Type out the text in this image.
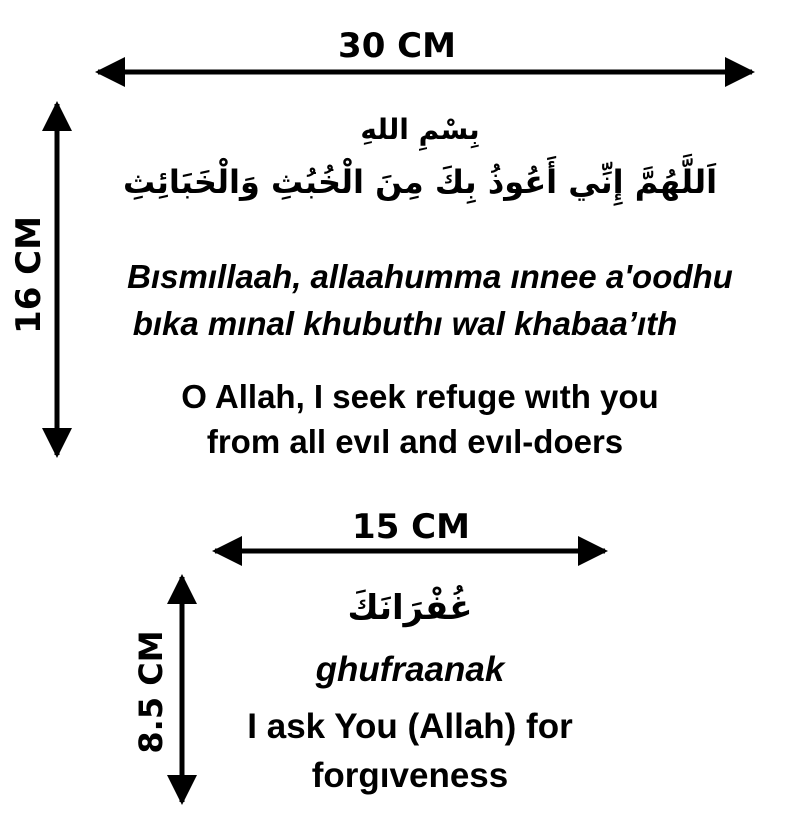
30 CM
16 CM
بِسْمِ اللهِ
اَللَّهُمَّ إِنِّي أَعُوذُ بِكَ مِنَ الْخُبُثِ وَالْخَبَائِثِ
Bısmıllaah, allaahumma ınnee a'oodhu
bıka mınal khubuthı wal khabaa’ıth
O Allah, I seek refuge wıth you
from all evıl and evıl-doers
15 CM
8.5 CM
غُفْرَانَكَ
ghufraanak
I ask You (Allah) for
forgıveness
